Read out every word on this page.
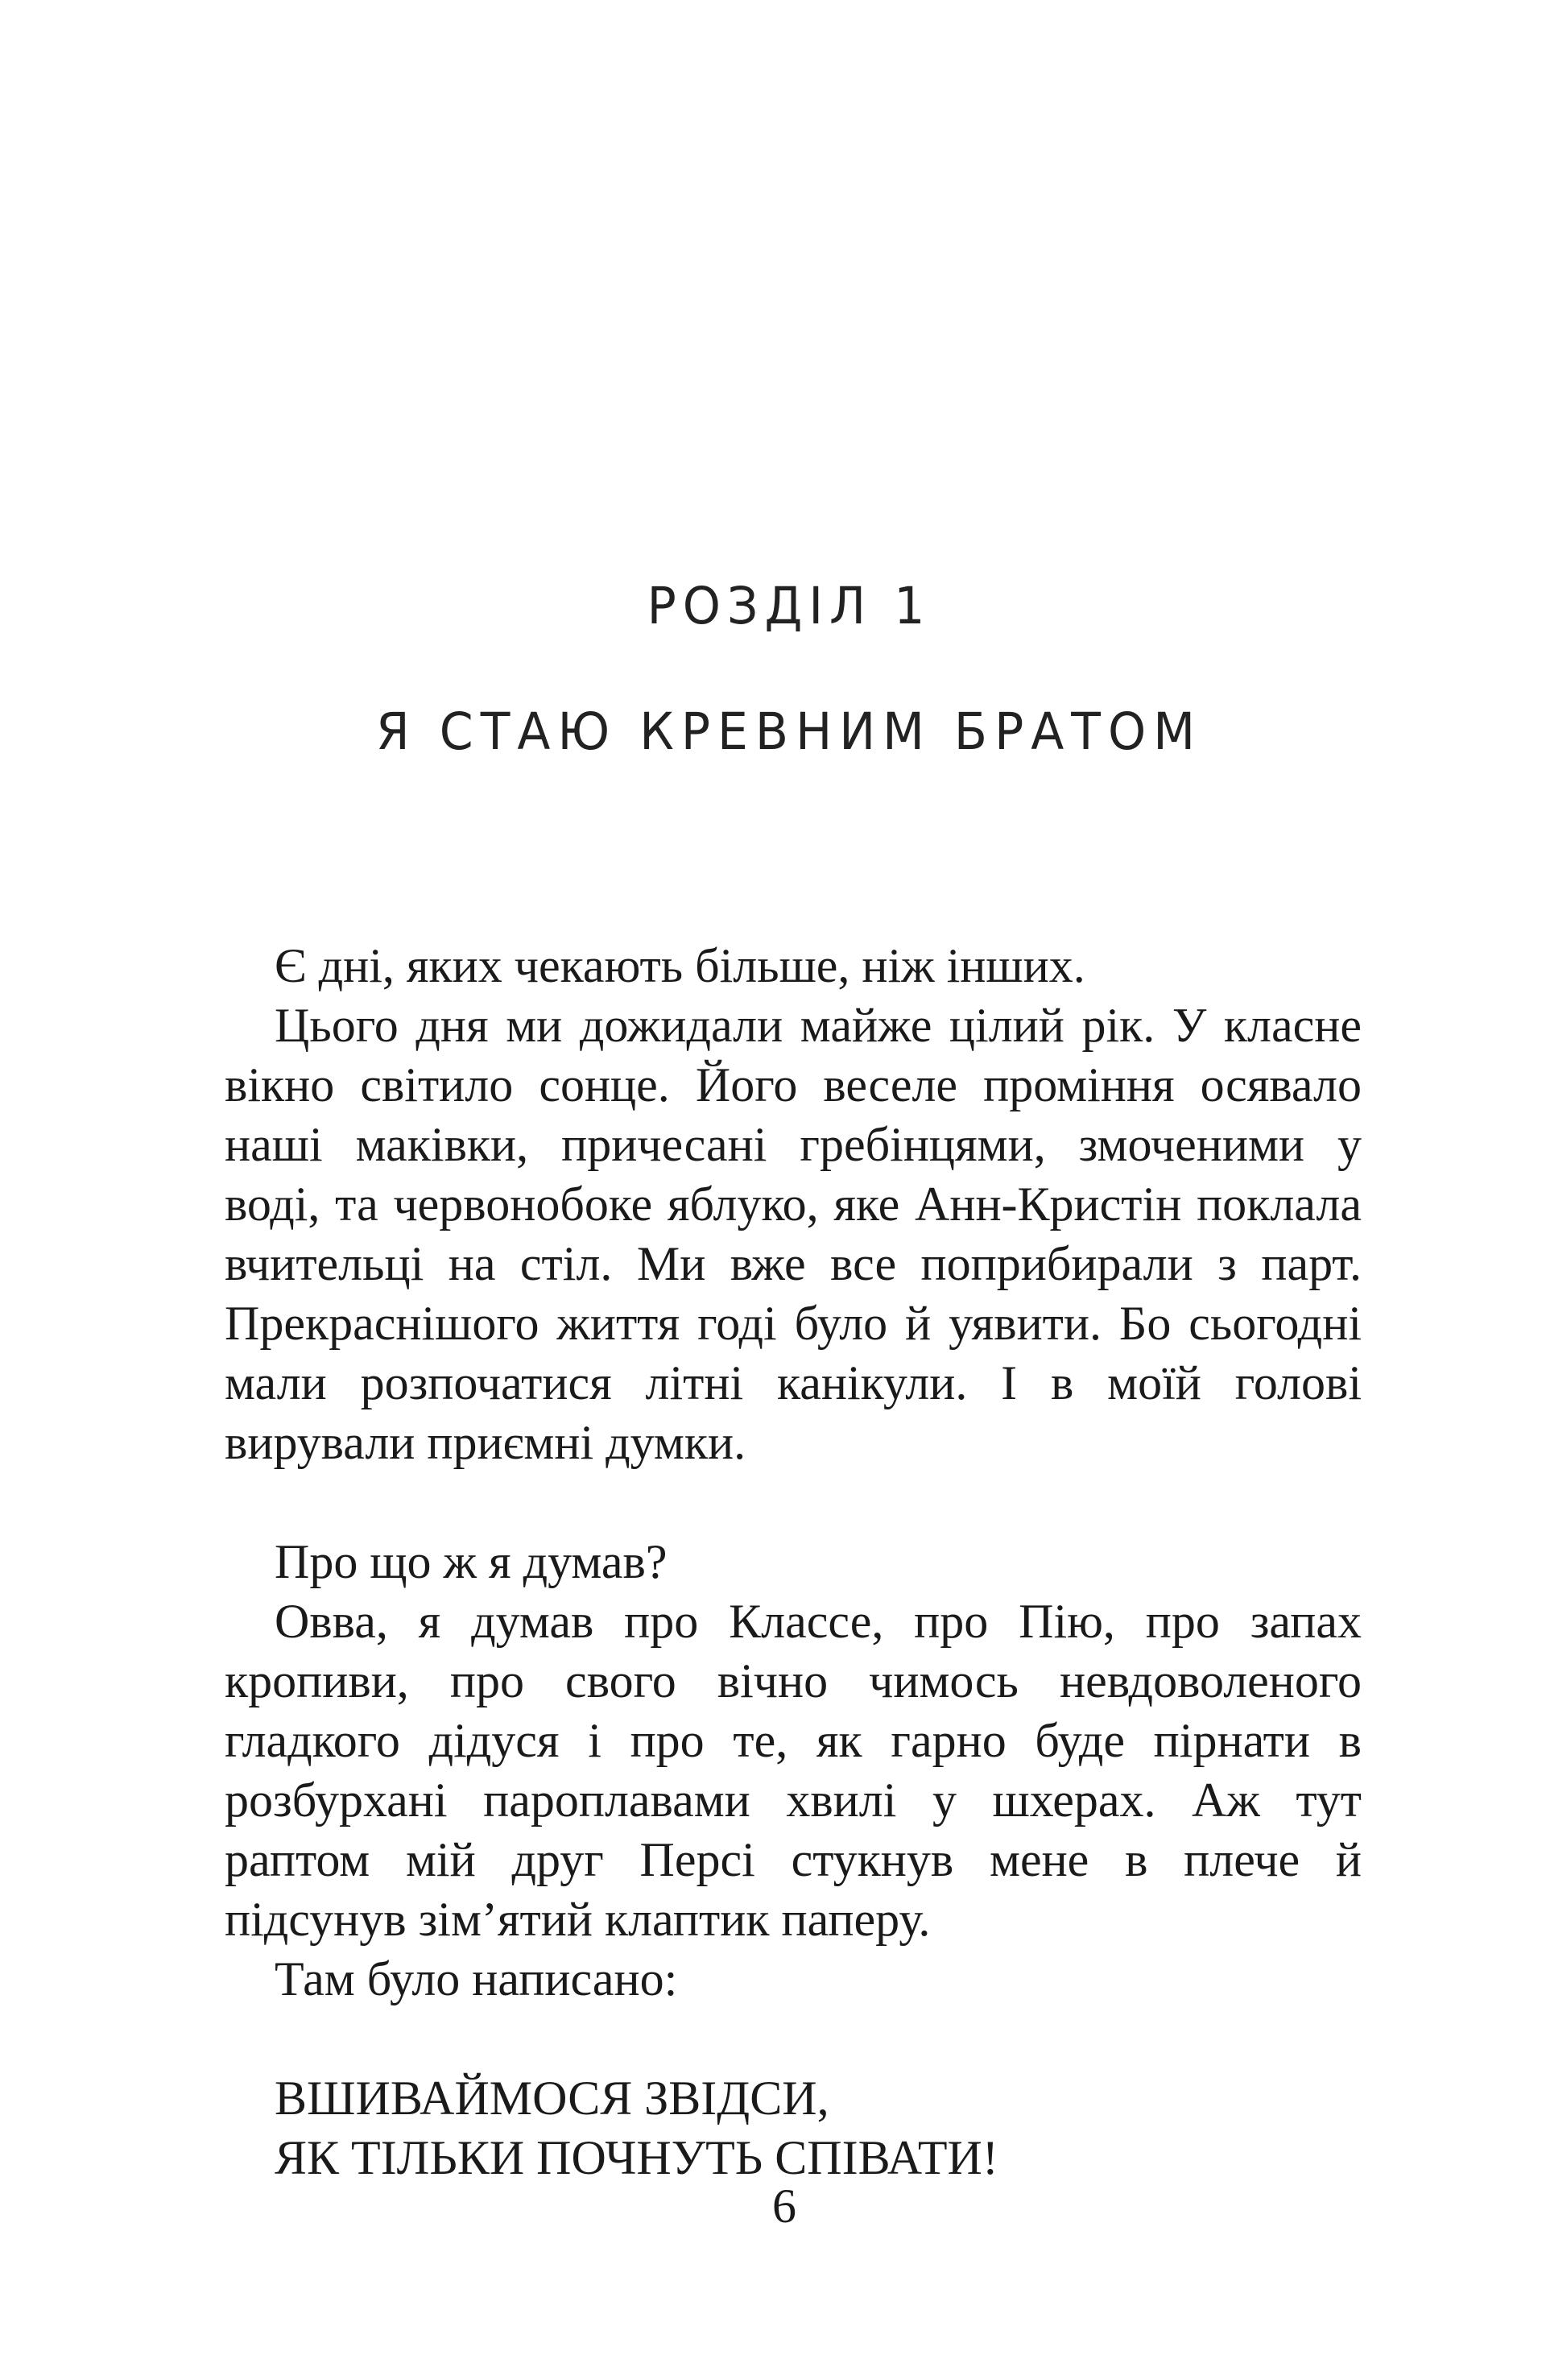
РОЗДІЛ 1
Я СТАЮ КРЕВНИМ БРАТОМ

Є дні, яких чекають більше, ніж інших.

Цього дня ми дожидали майже цілий рік. У класне вікно світило сонце. Його веселе проміння осявало наші маківки, причесані гребінцями, змоченими у воді, та червонобоке яблуко, яке Анн-Кристін поклала вчительці на стіл. Ми вже все поприбирали з парт. Прекраснішого життя годі було й уявити. Бо сьогодні мали розпочатися літні канікули. І в моїй голові вирували приємні думки.

Про що ж я думав?

Овва, я думав про Классе, про Пію, про запах кропиви, про свого вічно чимось невдоволеного гладкого дідуся і про те, як гарно буде пірнати в розбурхані пароплавами хвилі у шхерах. Аж тут раптом мій друг Персі стукнув мене в плече й підсунув зім’ятий клаптик паперу.

Там було написано:

ВШИВАЙМОСЯ ЗВІДСИ,

ЯК ТІЛЬКИ ПОЧНУТЬ СПІВАТИ!

6
